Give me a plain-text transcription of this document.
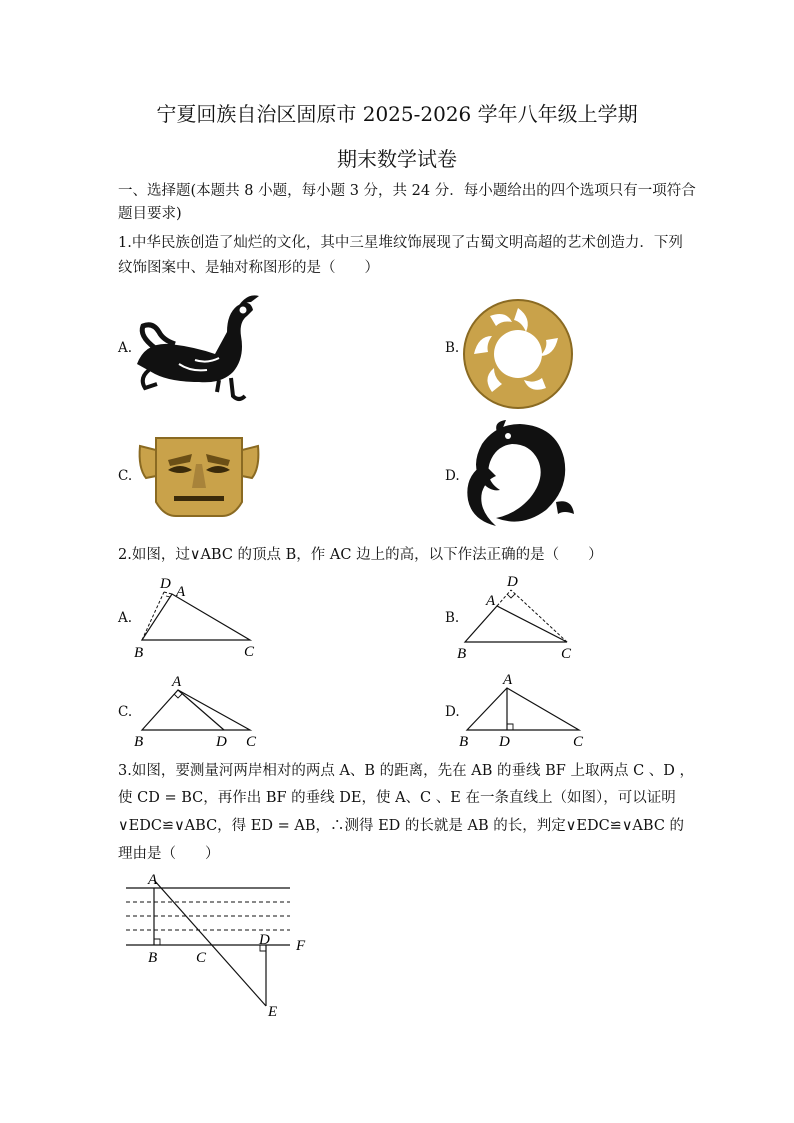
宁夏回族自治区固原市 2025-2026 学年八年级上学期
期末数学试卷
一、选择题(本题共 8 小题，每小题 3 分，共 24 分．每小题给出的四个选项只有一项符合
题目要求)
1.中华民族创造了灿烂的文化，其中三星堆纹饰展现了古蜀文明高超的艺术创造力．下列
纹饰图案中、是轴对称图形的是（　　）
A.	B.
C.	D.
2.如图，过∨ABC 的顶点 B，作 AC 边上的高，以下作法正确的是（　　）
A.	B.
C.	D.
D A
B	C
D
A
B	C
A
B	D C
A
B D	C
3.如图，要测量河两岸相对的两点 A、B 的距离，先在 AB 的垂线 BF 上取两点 C 、D ，
使 CD = BC，再作出 BF 的垂线 DE，使 A、C 、E 在一条直线上（如图），可以证明
∨EDC≌∨ABC，得 ED = AB，∴测得 ED 的长就是 AB 的长，判定∨EDC≌∨ABC 的
理由是（　　）
A
B	C
D F
E
